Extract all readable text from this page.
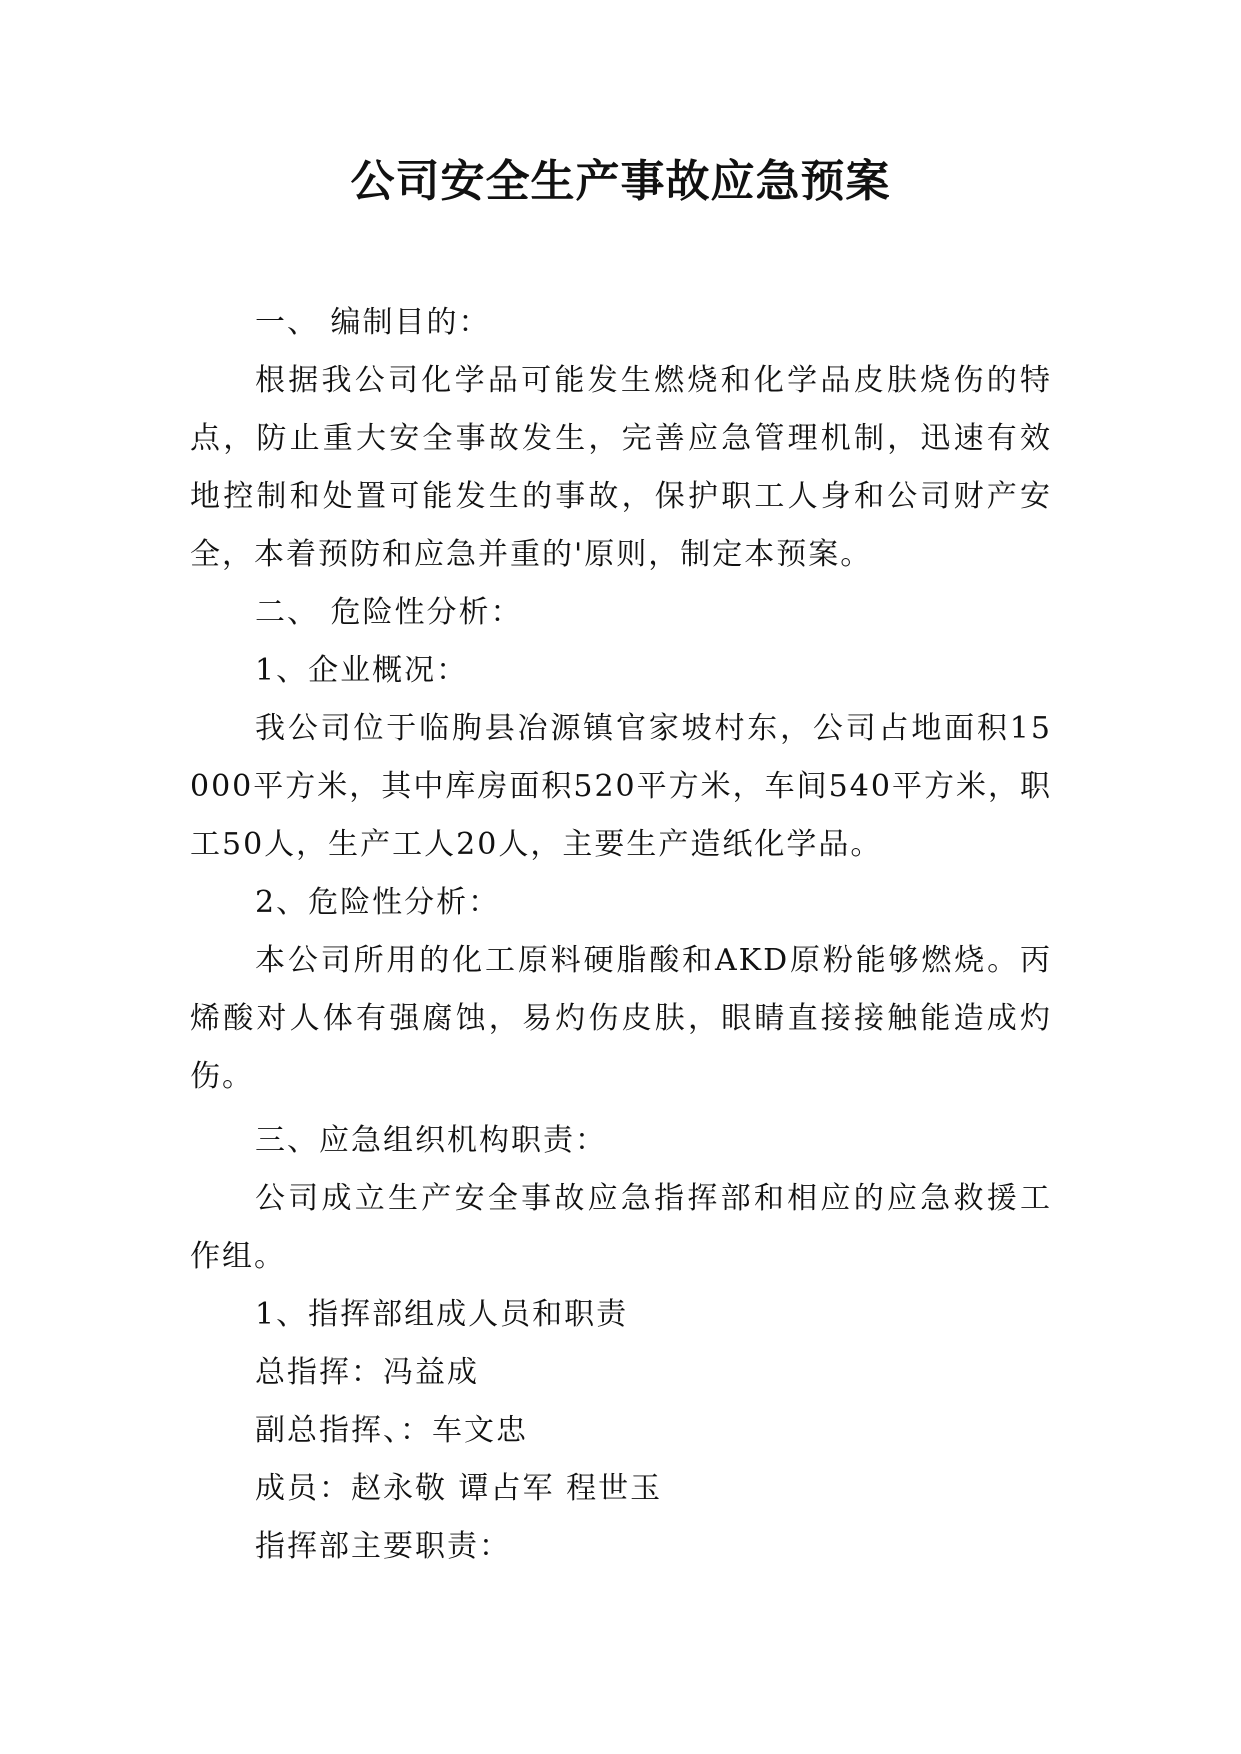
公司安全生产事故应急预案

一、 编制目的：

根据我公司化学品可能发生燃烧和化学品皮肤烧伤的特点，防止重大安全事故发生，完善应急管理机制，迅速有效地控制和处置可能发生的事故，保护职工人身和公司财产安全，本着预防和应急并重的'原则，制定本预案。

二、 危险性分析：

1、企业概况：

我公司位于临朐县冶源镇官家坡村东，公司占地面积15000平方米，其中库房面积520平方米，车间540平方米，职工50人，生产工人20人，主要生产造纸化学品。

2、危险性分析：

本公司所用的化工原料硬脂酸和AKD原粉能够燃烧。丙烯酸对人体有强腐蚀，易灼伤皮肤，眼睛直接接触能造成灼伤。

三、应急组织机构职责：

公司成立生产安全事故应急指挥部和相应的应急救援工作组。

1、指挥部组成人员和职责

总指挥：冯益成

副总指挥、：车文忠

成员：赵永敬 谭占军 程世玉

指挥部主要职责：
